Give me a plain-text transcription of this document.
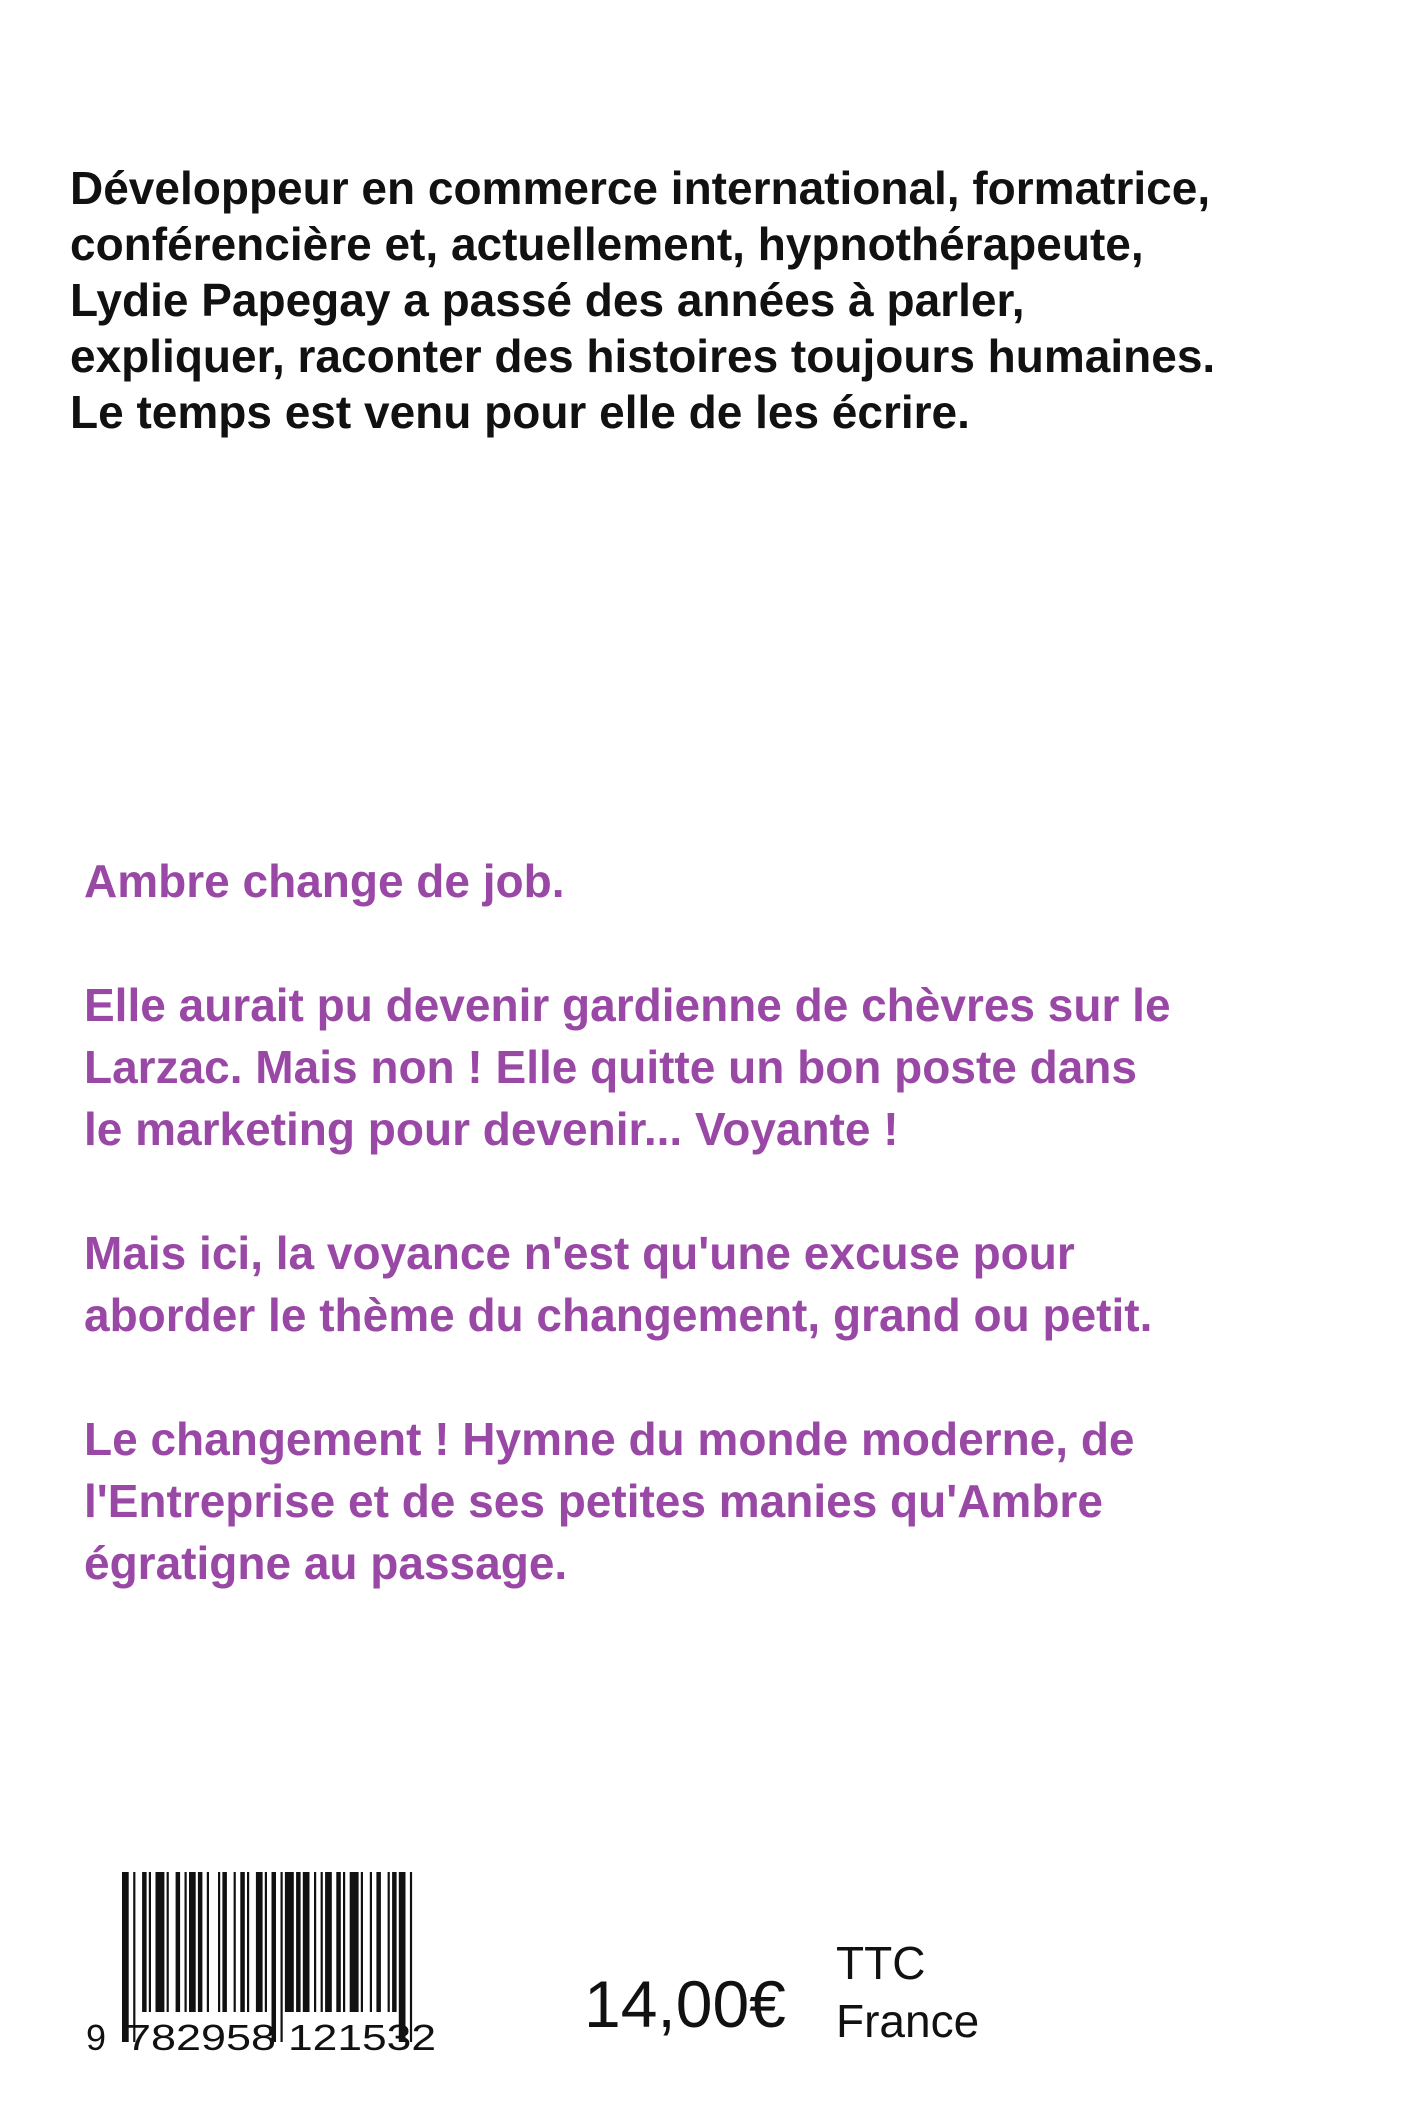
Développeur en commerce international, formatrice,
conférencière et, actuellement, hypnothérapeute,
Lydie Papegay a passé des années à parler,
expliquer, raconter des histoires toujours humaines.
Le temps est venu pour elle de les écrire.
Ambre change de job.
Elle aurait pu devenir gardienne de chèvres sur le
Larzac. Mais non ! Elle quitte un bon poste dans
le marketing pour devenir... Voyante !
Mais ici, la voyance n'est qu'une excuse pour
aborder le thème du changement, grand ou petit.
Le changement ! Hymne du monde moderne, de
l'Entreprise et de ses petites manies qu'Ambre
égratigne au passage.
9 782958 121532 14,00€
TTC
France
